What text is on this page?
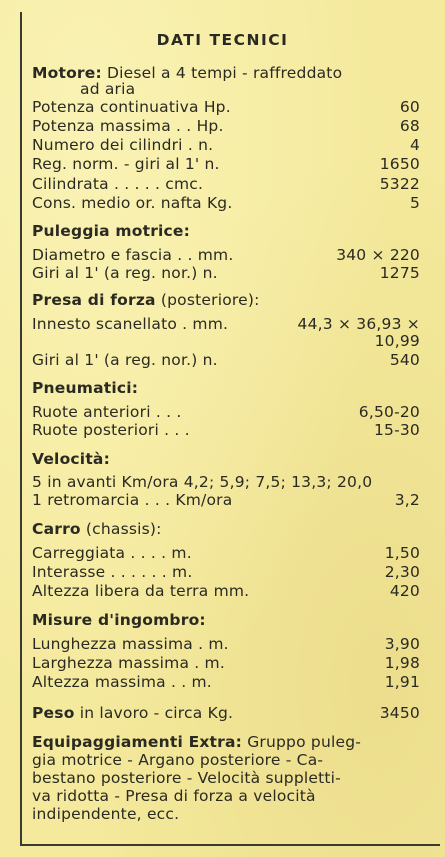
DATI TECNICI
Motore: Diesel a 4 tempi - raffreddato
ad aria
Potenza continuativa Hp.	60
Potenza massima . . Hp.	68
Numero dei cilindri . n.	4
Reg. norm. - giri al 1' n.	1650
Cilindrata . . . . . cmc.	5322
Cons. medio or. nafta Kg.	5
Puleggia motrice:
Diametro e fascia . . mm.	340 × 220
Giri al 1' (a reg. nor.) n.	1275
Presa di forza (posteriore):
Innesto scanellato . mm.	44,3 × 36,93 ×
10,99
Giri al 1' (a reg. nor.) n.	540
Pneumatici:
Ruote anteriori . . .	6,50-20
Ruote posteriori . . .	15-30
Velocità:
5 in avanti Km/ora 4,2; 5,9; 7,5; 13,3; 20,0
1 retromarcia . . . Km/ora	3,2
Carro (chassis):
Carreggiata . . . . m.	1,50
Interasse . . . . . . m.	2,30
Altezza libera da terra mm.	420
Misure d'ingombro:
Lunghezza massima . m.	3,90
Larghezza massima . m.	1,98
Altezza massima . . m.	1,91
Peso in lavoro - circa Kg.	3450
Equipaggiamenti Extra: Gruppo puleg-
gia motrice - Argano posteriore - Ca-
bestano posteriore - Velocità suppletti-
va ridotta - Presa di forza a velocità
indipendente, ecc.
